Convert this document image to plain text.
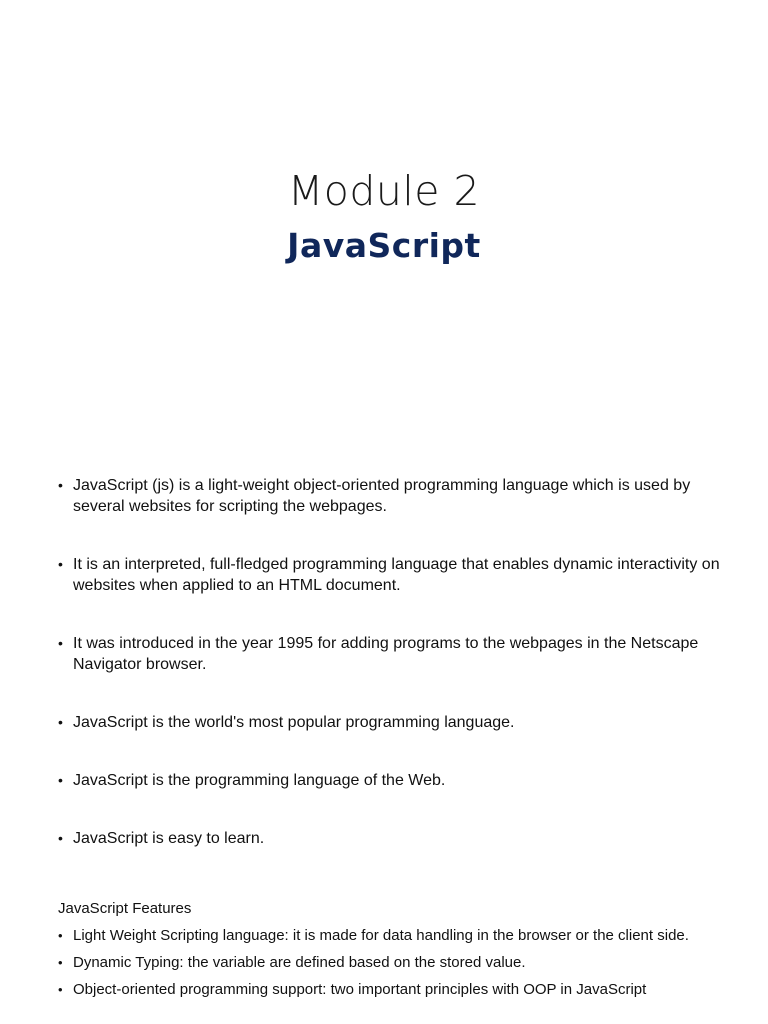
Module 2
JavaScript
• JavaScript (js) is a light-weight object-oriented programming language which is used by several websites for scripting the webpages.
• It is an interpreted, full-fledged programming language that enables dynamic interactivity on websites when applied to an HTML document.
• It was introduced in the year 1995 for adding programs to the webpages in the Netscape Navigator browser.
• JavaScript is the world's most popular programming language.
• JavaScript is the programming language of the Web.
• JavaScript is easy to learn.
JavaScript Features
• Light Weight Scripting language: it is made for data handling in the browser or the client side.
• Dynamic Typing: the variable are defined based on the stored value.
• Object-oriented programming support: two important principles with OOP in JavaScript
